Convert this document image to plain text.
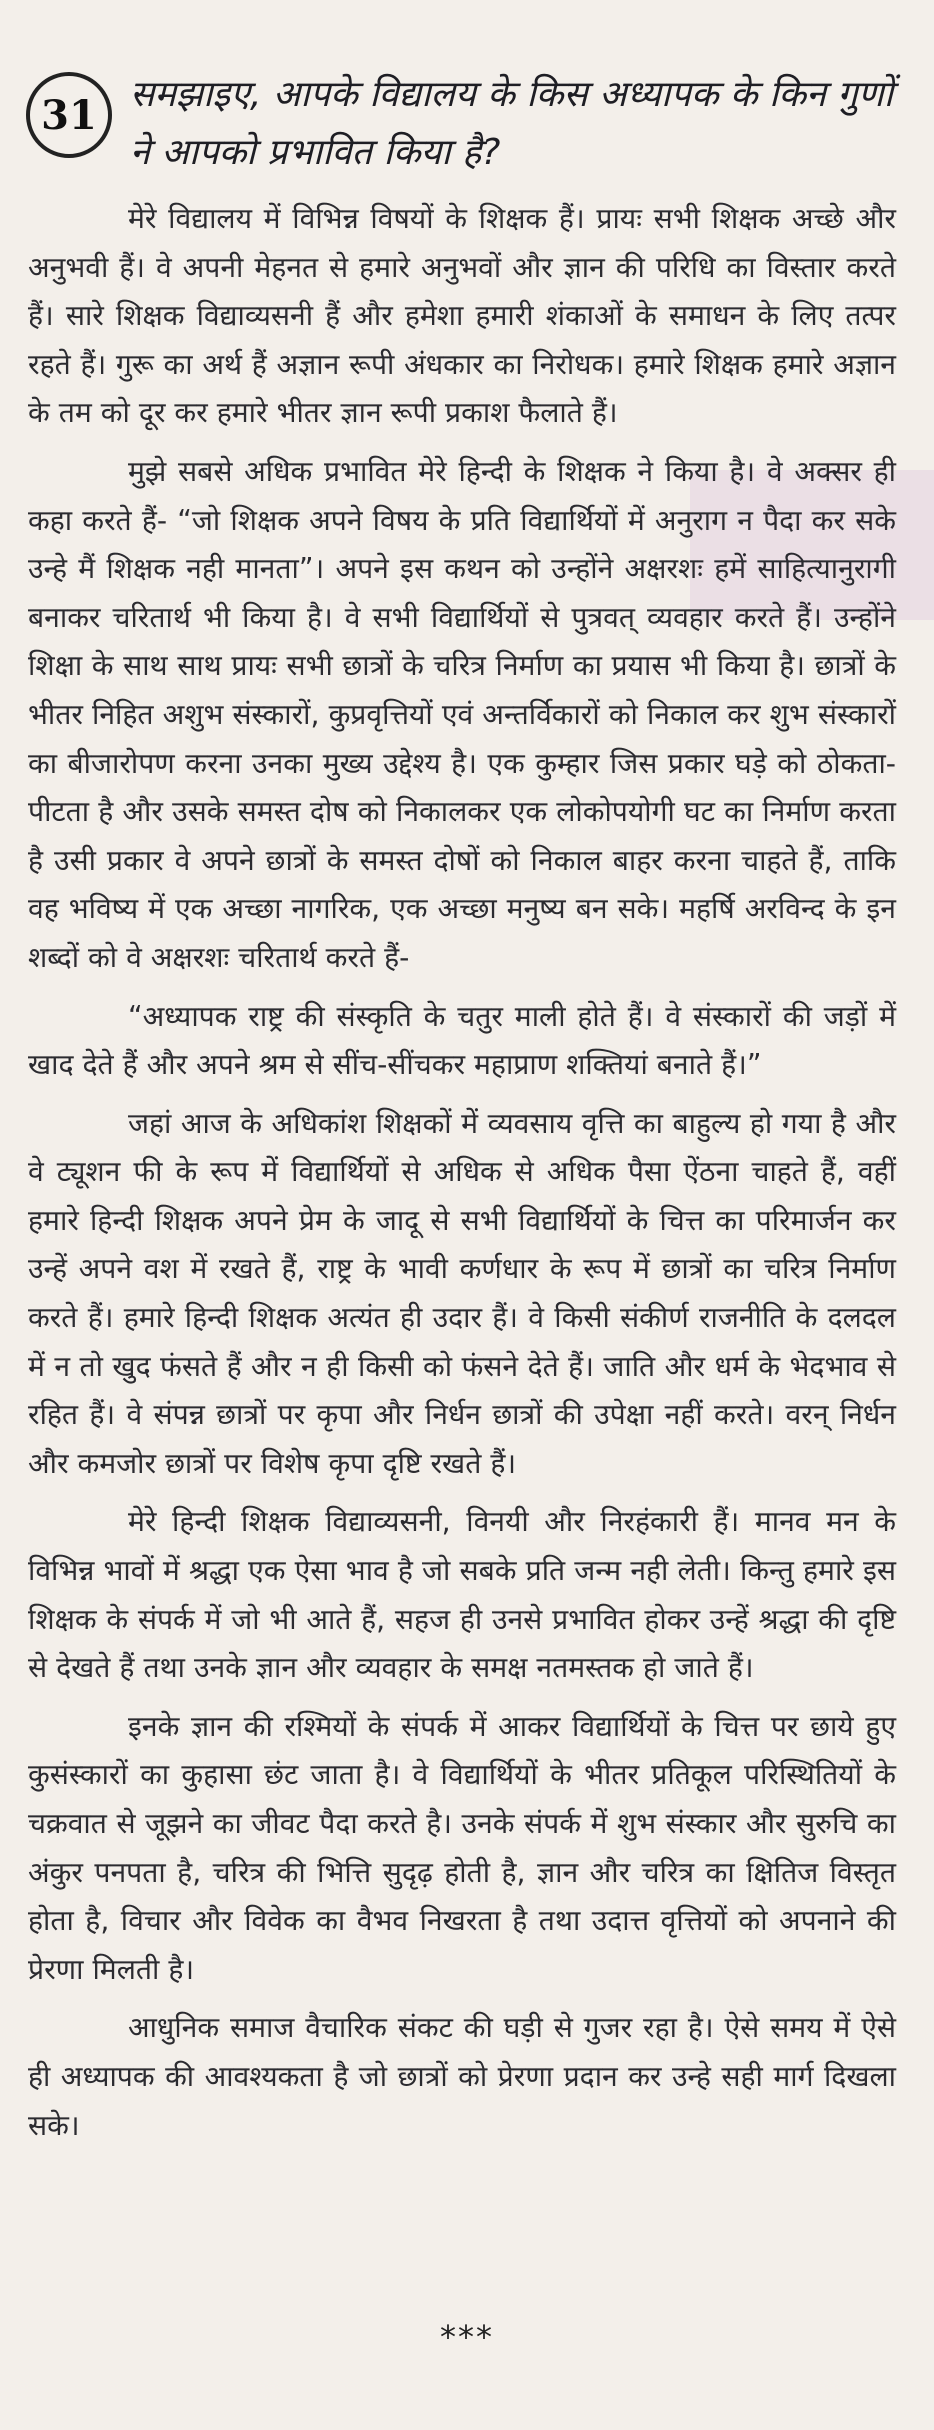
31 समझाइए, आपके विद्यालय के किस अध्यापक के किन गुणों ने आपको प्रभावित किया है?

मेरे विद्यालय में विभिन्न विषयों के शिक्षक हैं। प्रायः सभी शिक्षक अच्छे और अनुभवी हैं। वे अपनी मेहनत से हमारे अनुभवों और ज्ञान की परिधि का विस्तार करते हैं। सारे शिक्षक विद्याव्यसनी हैं और हमेशा हमारी शंकाओं के समाधन के लिए तत्पर रहते हैं। गुरू का अर्थ हैं अज्ञान रूपी अंधकार का निरोधक। हमारे शिक्षक हमारे अज्ञान के तम को दूर कर हमारे भीतर ज्ञान रूपी प्रकाश फैलाते हैं।

मुझे सबसे अधिक प्रभावित मेरे हिन्दी के शिक्षक ने किया है। वे अक्सर ही कहा करते हैं- “जो शिक्षक अपने विषय के प्रति विद्यार्थियों में अनुराग न पैदा कर सके उन्हे मैं शिक्षक नही मानता”। अपने इस कथन को उन्होंने अक्षरशः हमें साहित्यानुरागी बनाकर चरितार्थ भी किया है। वे सभी विद्यार्थियों से पुत्रवत् व्यवहार करते हैं। उन्होंने शिक्षा के साथ साथ प्रायः सभी छात्रों के चरित्र निर्माण का प्रयास भी किया है। छात्रों के भीतर निहित अशुभ संस्कारों, कुप्रवृत्तियों एवं अन्तर्विकारों को निकाल कर शुभ संस्कारों का बीजारोपण करना उनका मुख्य उद्देश्य है। एक कुम्हार जिस प्रकार घड़े को ठोकता-पीटता है और उसके समस्त दोष को निकालकर एक लोकोपयोगी घट का निर्माण करता है उसी प्रकार वे अपने छात्रों के समस्त दोषों को निकाल बाहर करना चाहते हैं, ताकि वह भविष्य में एक अच्छा नागरिक, एक अच्छा मनुष्य बन सके। महर्षि अरविन्द के इन शब्दों को वे अक्षरशः चरितार्थ करते हैं-

“अध्यापक राष्ट्र की संस्कृति के चतुर माली होते हैं। वे संस्कारों की जड़ों में खाद देते हैं और अपने श्रम से सींच-सींचकर महाप्राण शक्तियां बनाते हैं।”

जहां आज के अधिकांश शिक्षकों में व्यवसाय वृत्ति का बाहुल्य हो गया है और वे ट्यूशन फी के रूप में विद्यार्थियों से अधिक से अधिक पैसा ऐंठना चाहते हैं, वहीं हमारे हिन्दी शिक्षक अपने प्रेम के जादू से सभी विद्यार्थियों के चित्त का परिमार्जन कर उन्हें अपने वश में रखते हैं, राष्ट्र के भावी कर्णधार के रूप में छात्रों का चरित्र निर्माण करते हैं। हमारे हिन्दी शिक्षक अत्यंत ही उदार हैं। वे किसी संकीर्ण राजनीति के दलदल में न तो खुद फंसते हैं और न ही किसी को फंसने देते हैं। जाति और धर्म के भेदभाव से रहित हैं। वे संपन्न छात्रों पर कृपा और निर्धन छात्रों की उपेक्षा नहीं करते। वरन् निर्धन और कमजोर छात्रों पर विशेष कृपा दृष्टि रखते हैं।

मेरे हिन्दी शिक्षक विद्याव्यसनी, विनयी और निरहंकारी हैं। मानव मन के विभिन्न भावों में श्रद्धा एक ऐसा भाव है जो सबके प्रति जन्म नही लेती। किन्तु हमारे इस शिक्षक के संपर्क में जो भी आते हैं, सहज ही उनसे प्रभावित होकर उन्हें श्रद्धा की दृष्टि से देखते हैं तथा उनके ज्ञान और व्यवहार के समक्ष नतमस्तक हो जाते हैं।

इनके ज्ञान की रश्मियों के संपर्क में आकर विद्यार्थियों के चित्त पर छाये हुए कुसंस्कारों का कुहासा छंट जाता है। वे विद्यार्थियों के भीतर प्रतिकूल परिस्थितियों के चक्रवात से जूझने का जीवट पैदा करते है। उनके संपर्क में शुभ संस्कार और सुरुचि का अंकुर पनपता है, चरित्र की भित्ति सुदृढ़ होती है, ज्ञान और चरित्र का क्षितिज विस्तृत होता है, विचार और विवेक का वैभव निखरता है तथा उदात्त वृत्तियों को अपनाने की प्रेरणा मिलती है।

आधुनिक समाज वैचारिक संकट की घड़ी से गुजर रहा है। ऐसे समय में ऐसे ही अध्यापक की आवश्यकता है जो छात्रों को प्रेरणा प्रदान कर उन्हे सही मार्ग दिखला सके।

***
